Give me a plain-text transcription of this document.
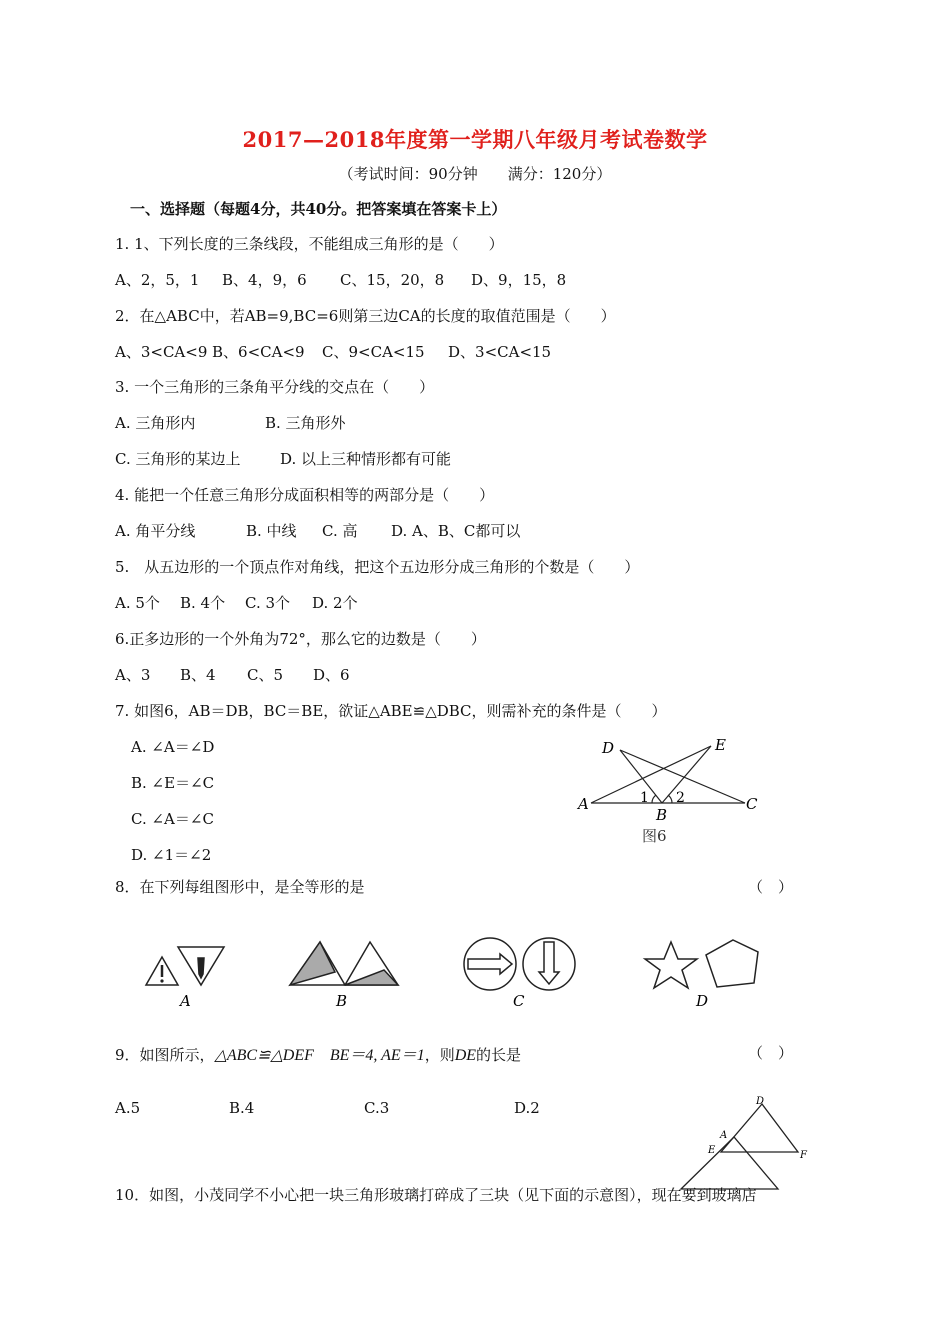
2017—2018年度第一学期八年级月考试卷数学
（考试时间：90分钟　　满分：120分）
一、选择题（每题4分，共40分。把答案填在答案卡上）
1. 1、下列长度的三条线段，不能组成三角形的是（　　）
A、2，5，1 B、4，9，6 C、15，20，8 D、9，15，8
2．在△ABC中，若AB=9,BC=6则第三边CA的长度的取值范围是（　　）
A、3<CA<9 B、6<CA<9 C、9<CA<15 D、3<CA<15
3. 一个三角形的三条角平分线的交点在（　　）
A. 三角形内	B. 三角形外
C. 三角形的某边上	D. 以上三种情形都有可能
4. 能把一个任意三角形分成面积相等的两部分是（　　）
A. 角平分线	B. 中线 C. 高 D. A、B、C都可以
5.　从五边形的一个顶点作对角线，把这个五边形分成三角形的个数是（　　）
A. 5个 B. 4个 C. 3个 D. 2个
6.正多边形的一个外角为72°，那么它的边数是（　　）
A、3 B、4 C、5 D、6
7. 如图6，AB＝DB，BC＝BE，欲证△ABE≌△DBC，则需补充的条件是（　　）
A. ∠A＝∠D
B. ∠E＝∠C
C. ∠A＝∠C
D. ∠1＝∠2
D	E
A	C
B
1 2
图6
8．在下列每组图形中，是全等形的是	（　）
A	B	C	D
9．如图所示，△ABC≌△DEF　BE＝4, AE＝1，则DE的长是	（　）
A.5	B.4	C.3	D.2	D
A
E	F
10．如图，小茂同学不小心把一块三角形玻璃打碎成了三块（见下面的示意图），现在要到玻璃店
